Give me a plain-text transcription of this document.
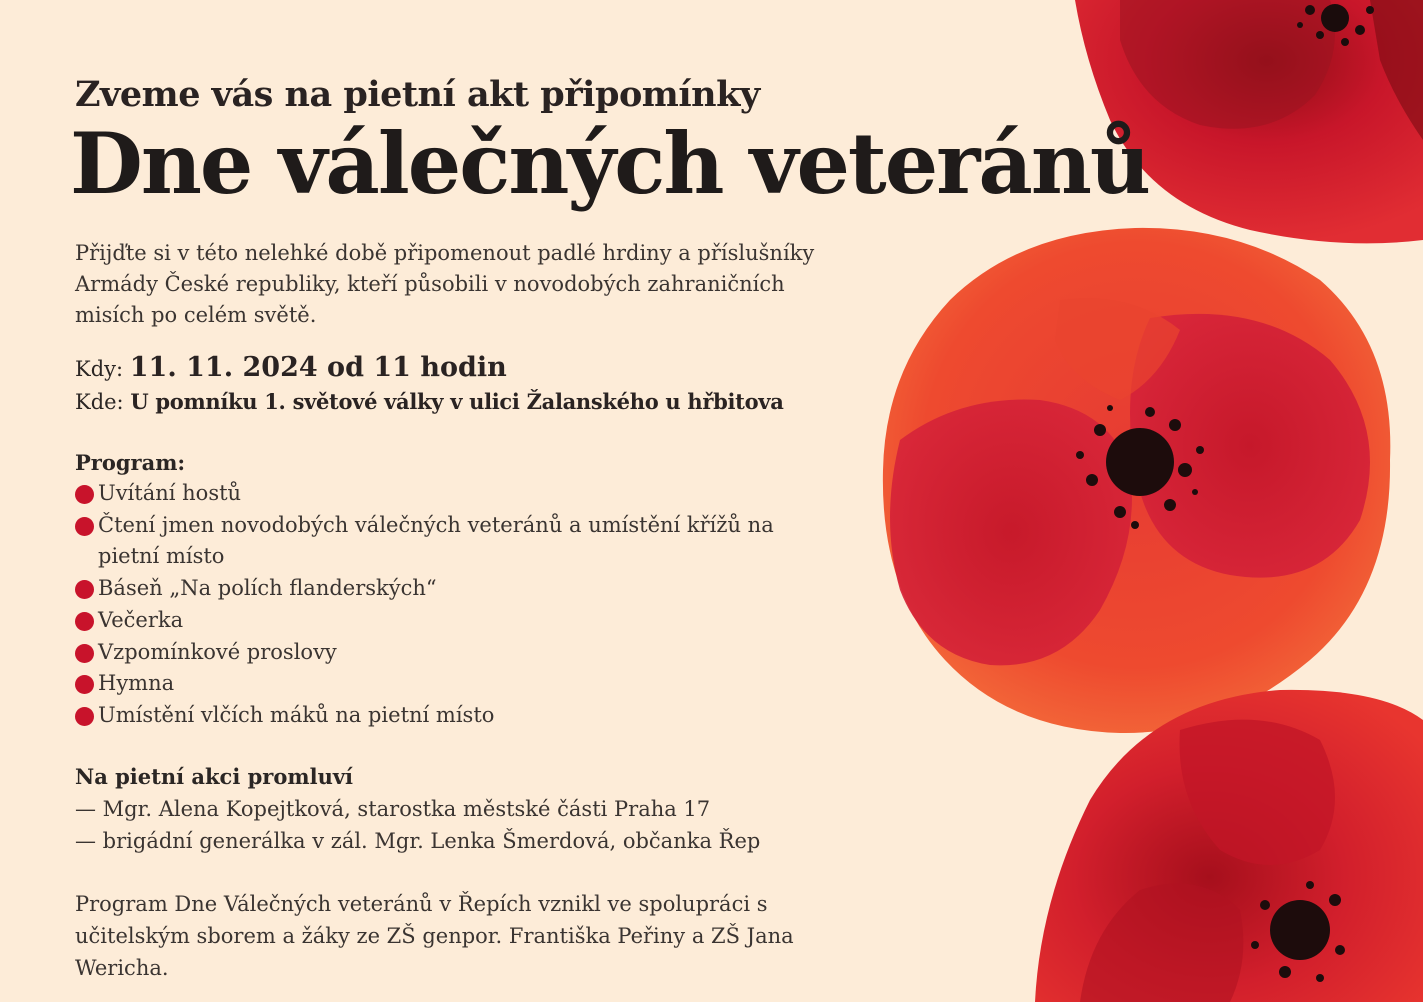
Zveme vás na pietní akt připomínky
Dne válečných veteránů
Přijďte si v této nelehké době připomenout padlé hrdiny a příslušníky Armády České republiky, kteří působili v novodobých zahraničních misích po celém světě.
Kdy: 11. 11. 2024 od 11 hodin
Kde: U pomníku 1. světové války v ulici Žalanského u hřbitova
Program:
Uvítání hostů
Čtení jmen novodobých válečných veteránů a umístění křížů na pietní místo
Báseň „Na polích flanderských“
Večerka
Vzpomínkové proslovy
Hymna
Umístění vlčích máků na pietní místo
Na pietní akci promluví
— Mgr. Alena Kopejtková, starostka městské části Praha 17
— brigádní generálka v zál. Mgr. Lenka Šmerdová, občanka Řep
Program Dne Válečných veteránů v Řepích vznikl ve spolupráci s učitelským sborem a žáky ze ZŠ genpor. Františka Peřiny a ZŠ Jana Wericha.
